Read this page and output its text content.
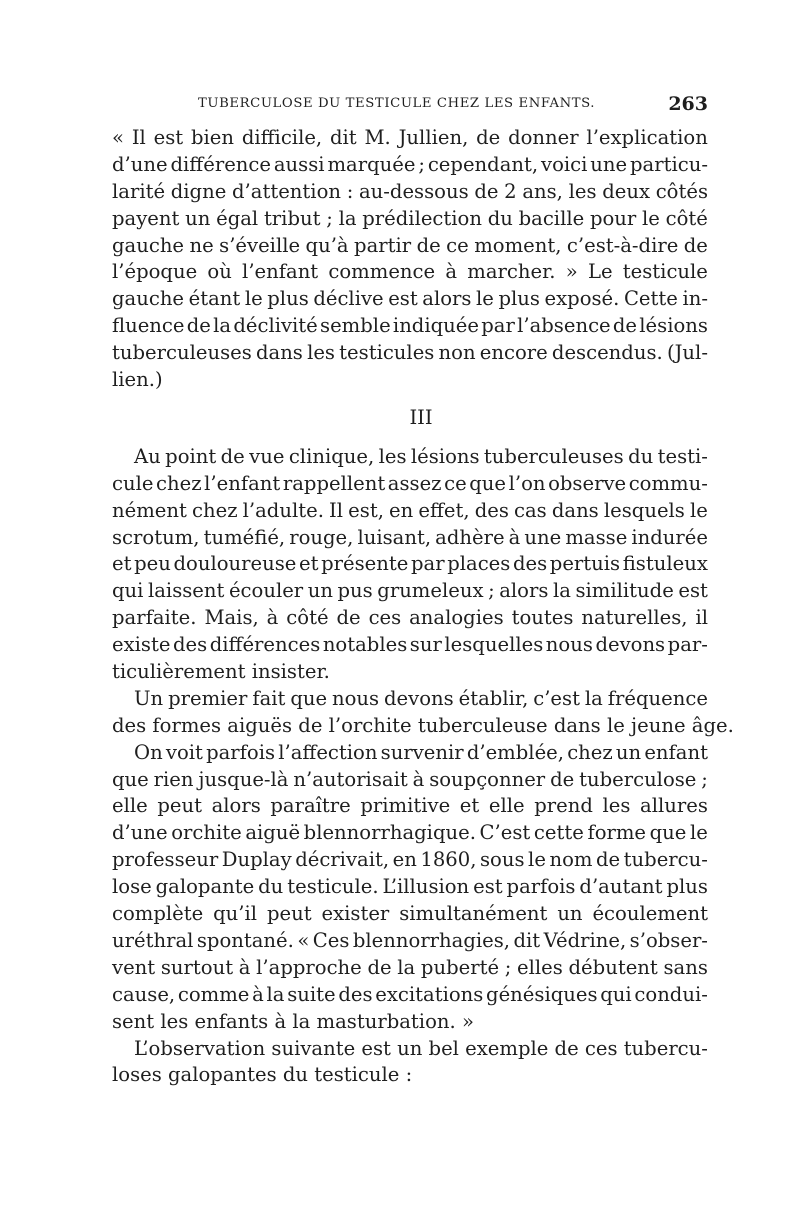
TUBERCULOSE DU TESTICULE CHEZ LES ENFANTS.	263
« Il est bien difficile, dit M. Jullien, de donner l’explication
d’une différence aussi marquée ; cependant, voici une particu-
larité digne d’attention : au-dessous de 2 ans, les deux côtés
payent un égal tribut ; la prédilection du bacille pour le côté
gauche ne s’éveille qu’à partir de ce moment, c’est-à-dire de
l’époque où l’enfant commence à marcher. » Le testicule
gauche étant le plus déclive est alors le plus exposé. Cette in-
fluence de la déclivité semble indiquée par l’absence de lésions
tuberculeuses dans les testicules non encore descendus. (Jul-
lien.)
III
Au point de vue clinique, les lésions tuberculeuses du testi-
cule chez l’enfant rappellent assez ce que l’on observe commu-
nément chez l’adulte. Il est, en effet, des cas dans lesquels le
scrotum, tuméfié, rouge, luisant, adhère à une masse indurée
et peu douloureuse et présente par places des pertuis fistuleux
qui laissent écouler un pus grumeleux ; alors la similitude est
parfaite. Mais, à côté de ces analogies toutes naturelles, il
existe des différences notables sur lesquelles nous devons par-
ticulièrement insister.
Un premier fait que nous devons établir, c’est la fréquence
des formes aiguës de l’orchite tuberculeuse dans le jeune âge.
On voit parfois l’affection survenir d’emblée, chez un enfant
que rien jusque-là n’autorisait à soupçonner de tuberculose ;
elle peut alors paraître primitive et elle prend les allures
d’une orchite aiguë blennorrhagique. C’est cette forme que le
professeur Duplay décrivait, en 1860, sous le nom de tubercu-
lose galopante du testicule. L’illusion est parfois d’autant plus
complète qu’il peut exister simultanément un écoulement
uréthral spontané. « Ces blennorrhagies, dit Védrine, s’obser-
vent surtout à l’approche de la puberté ; elles débutent sans
cause, comme à la suite des excitations génésiques qui condui-
sent les enfants à la masturbation. »
L’observation suivante est un bel exemple de ces tubercu-
loses galopantes du testicule :
